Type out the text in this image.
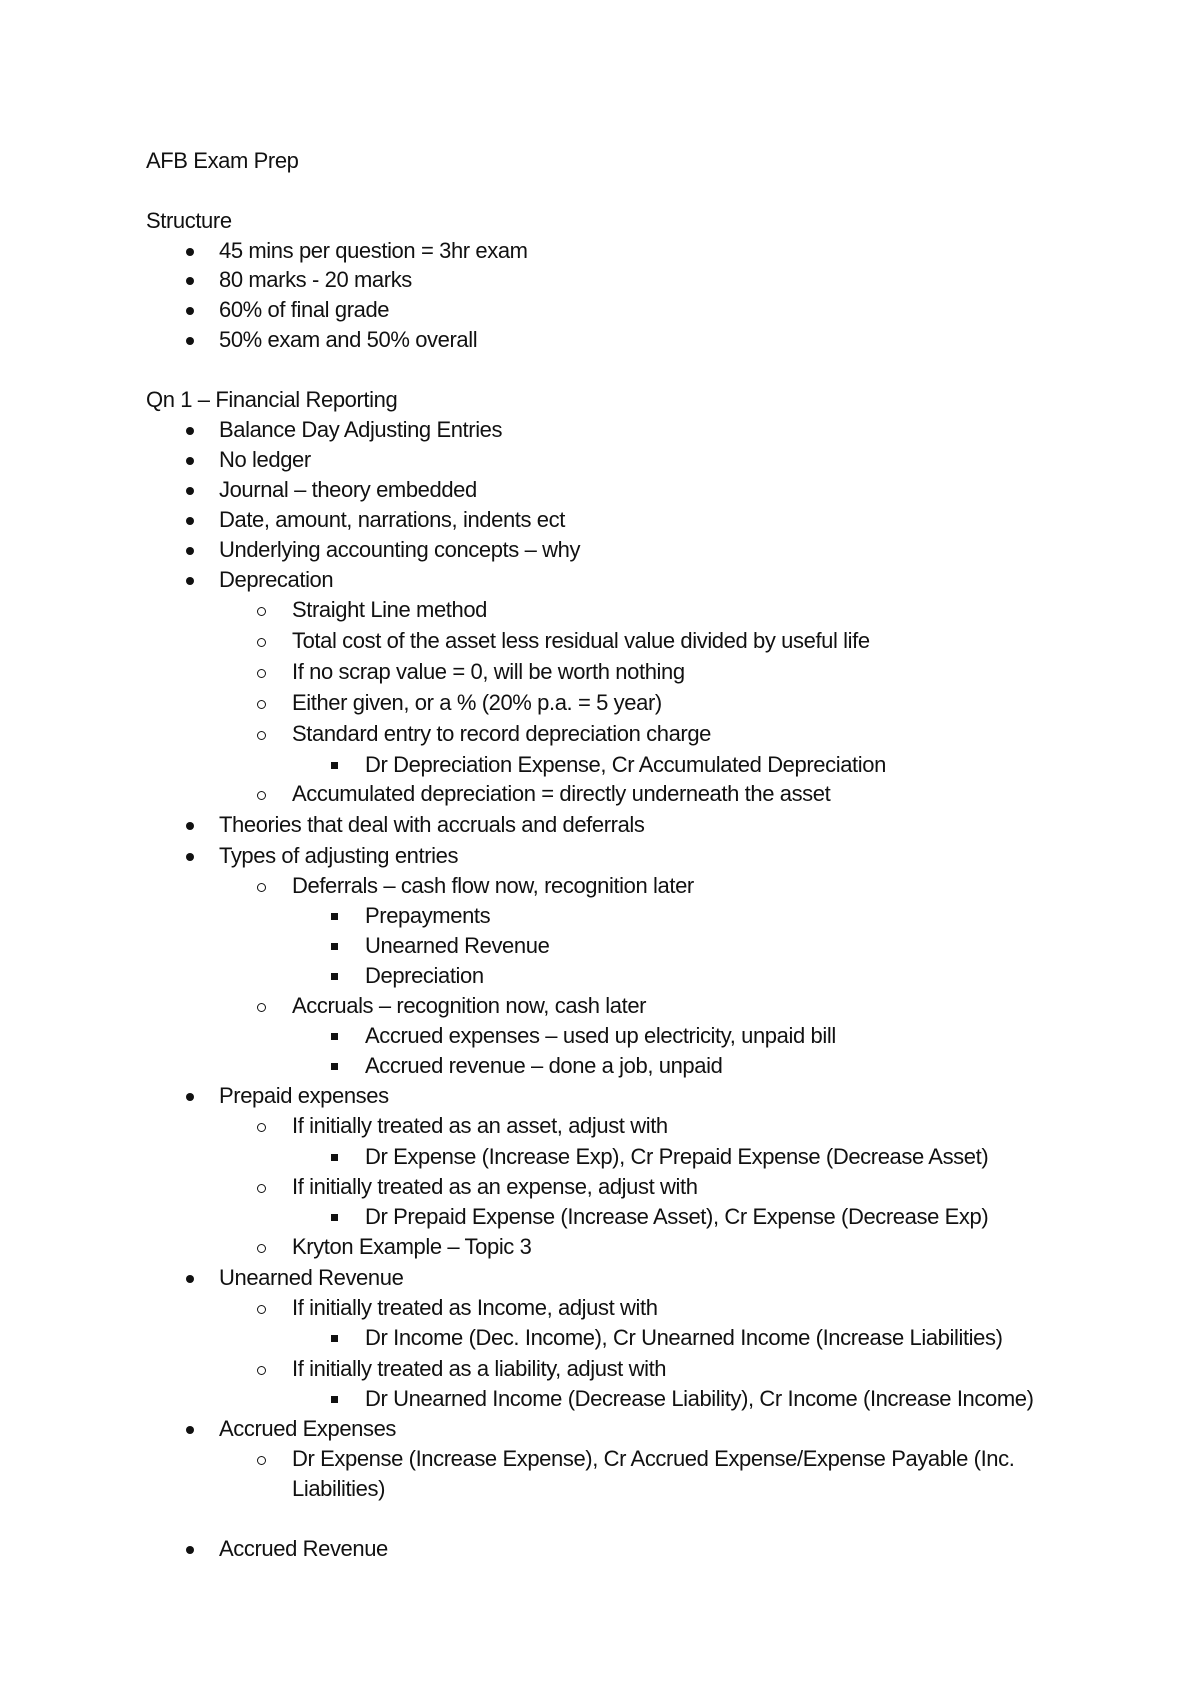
AFB Exam Prep
Structure
45 mins per question = 3hr exam
80 marks - 20 marks
60% of final grade
50% exam and 50% overall
Qn 1 – Financial Reporting
Balance Day Adjusting Entries
No ledger
Journal – theory embedded
Date, amount, narrations, indents ect
Underlying accounting concepts – why
Deprecation
Straight Line method
Total cost of the asset less residual value divided by useful life
If no scrap value = 0, will be worth nothing
Either given, or a % (20% p.a. = 5 year)
Standard entry to record depreciation charge
Dr Depreciation Expense, Cr Accumulated Depreciation
Accumulated depreciation = directly underneath the asset
Theories that deal with accruals and deferrals
Types of adjusting entries
Deferrals – cash flow now, recognition later
Prepayments
Unearned Revenue
Depreciation
Accruals – recognition now, cash later
Accrued expenses – used up electricity, unpaid bill
Accrued revenue – done a job, unpaid
Prepaid expenses
If initially treated as an asset, adjust with
Dr Expense (Increase Exp), Cr Prepaid Expense (Decrease Asset)
If initially treated as an expense, adjust with
Dr Prepaid Expense (Increase Asset), Cr Expense (Decrease Exp)
Kryton Example – Topic 3
Unearned Revenue
If initially treated as Income, adjust with
Dr Income (Dec. Income), Cr Unearned Income (Increase Liabilities)
If initially treated as a liability, adjust with
Dr Unearned Income (Decrease Liability), Cr Income (Increase Income)
Accrued Expenses
Dr Expense (Increase Expense), Cr Accrued Expense/Expense Payable (Inc.
Liabilities)
Accrued Revenue
